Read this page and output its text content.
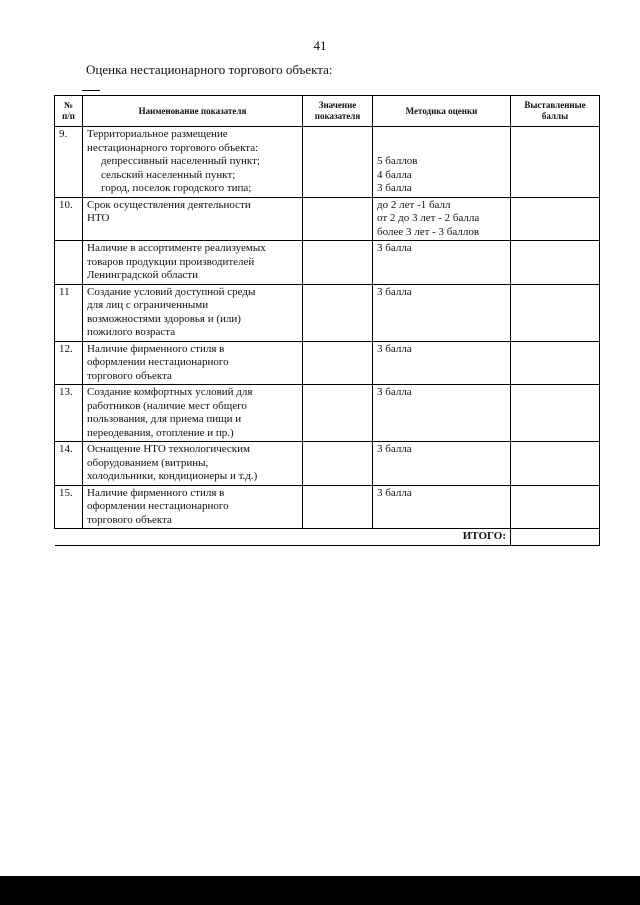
41
Оценка нестационарного торгового объекта:
№
п/п	Наименование показателя	Значение
показателя	Методика оценки	Выставленные
баллы

9.	Территориальное размещение
нестационарного торгового объекта:
депрессивный населенный пункт;
сельский населенный пункт;
город, поселок городского типа;		5 баллов
4 балла
3 балла	

10.	Срок осуществления деятельности
НТО		до 2 лет -1 балл
от 2 до 3 лет - 2 балла
более 3 лет - 3 баллов	

	Наличие в ассортименте реализуемых
товаров продукции производителей
Ленинградской области		3 балла	

11	Создание условий доступной среды
для лиц с ограниченными
возможностями здоровья и (или)
пожилого возраста		3 балла	

12.	Наличие фирменного стиля в
оформлении нестационарного
торгового объекта		3 балла	

13.	Создание комфортных условий для
работников (наличие мест общего
пользования, для приема пищи и
переодевания, отопление и пр.)		3 балла	

14.	Оснащение НТО технологическим
оборудованием (витрины,
холодильники, кондиционеры и т.д.)		3 балла	

15.	Наличие фирменного стиля в
оформлении нестационарного
торгового объекта		3 балла	

ИТОГО:				
